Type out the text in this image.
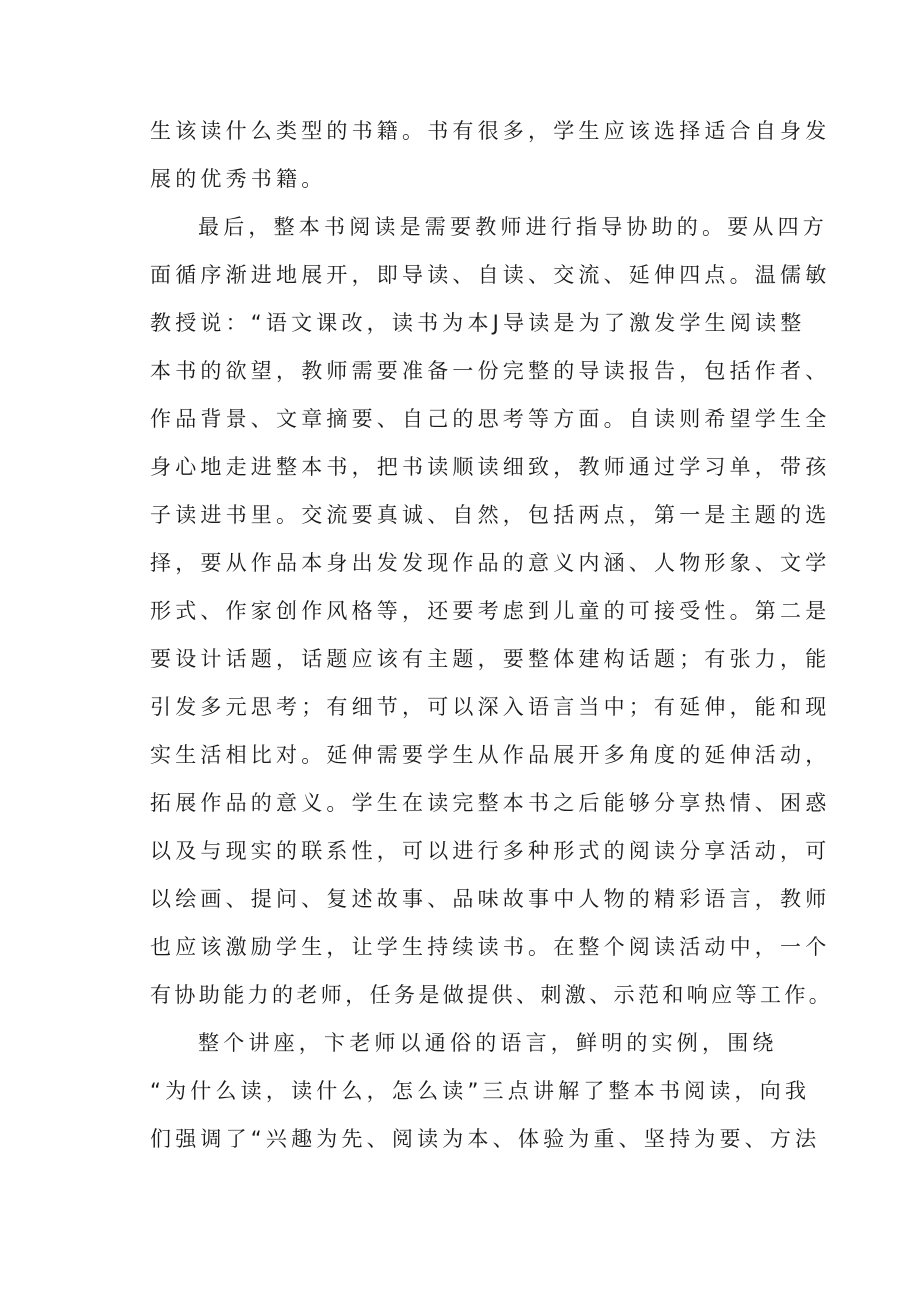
生该读什么类型的书籍。书有很多，学生应该选择适合自身发
展的优秀书籍。
最后，整本书阅读是需要教师进行指导协助的。要从四方
面循序渐进地展开，即导读、自读、交流、延伸四点。温儒敏
教授说：“语文课改，读书为本J导读是为了激发学生阅读整
本书的欲望，教师需要准备一份完整的导读报告，包括作者、
作品背景、文章摘要、自己的思考等方面。自读则希望学生全
身心地走进整本书，把书读顺读细致，教师通过学习单，带孩
子读进书里。交流要真诚、自然，包括两点，第一是主题的选
择，要从作品本身出发发现作品的意义内涵、人物形象、文学
形式、作家创作风格等，还要考虑到儿童的可接受性。第二是
要设计话题，话题应该有主题，要整体建构话题；有张力，能
引发多元思考；有细节，可以深入语言当中；有延伸，能和现
实生活相比对。延伸需要学生从作品展开多角度的延伸活动，
拓展作品的意义。学生在读完整本书之后能够分享热情、困惑
以及与现实的联系性，可以进行多种形式的阅读分享活动，可
以绘画、提问、复述故事、品味故事中人物的精彩语言，教师
也应该激励学生，让学生持续读书。在整个阅读活动中，一个
有协助能力的老师，任务是做提供、刺激、示范和响应等工作。
整个讲座，卞老师以通俗的语言，鲜明的实例，围绕
“为什么读，读什么，怎么读”三点讲解了整本书阅读，向我
们强调了“兴趣为先、阅读为本、体验为重、坚持为要、方法
